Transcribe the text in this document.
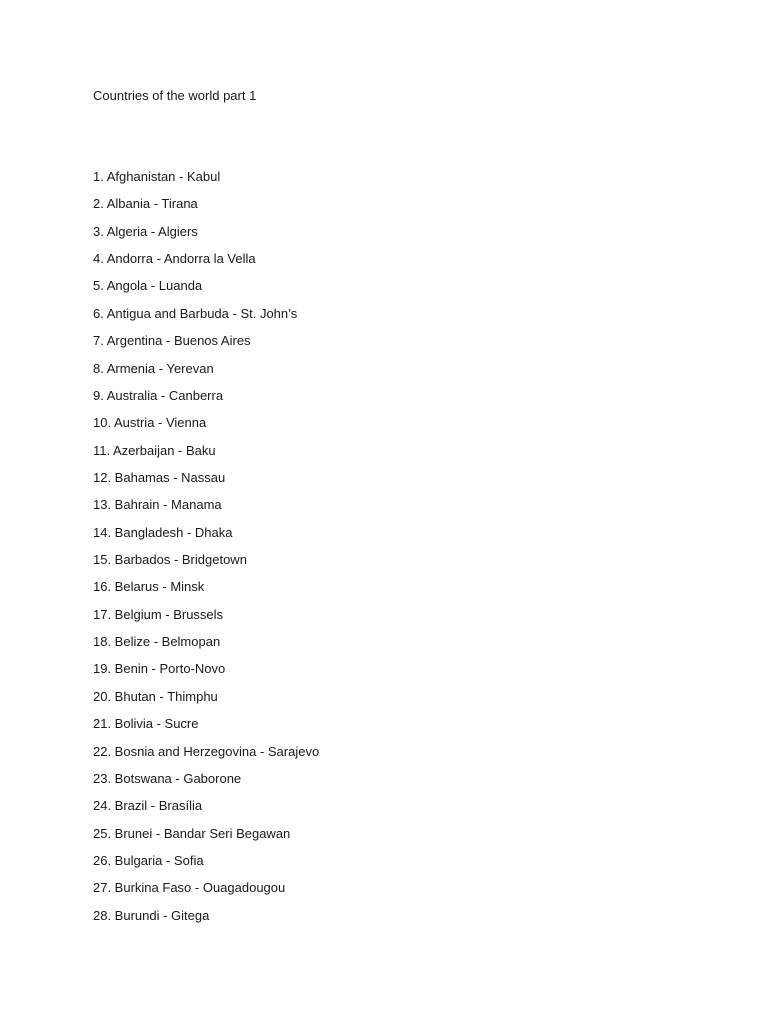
Countries of the world part 1
1. Afghanistan - Kabul
2. Albania - Tirana
3. Algeria - Algiers
4. Andorra - Andorra la Vella
5. Angola - Luanda
6. Antigua and Barbuda - St. John’s
7. Argentina - Buenos Aires
8. Armenia - Yerevan
9. Australia - Canberra
10. Austria - Vienna
11. Azerbaijan - Baku
12. Bahamas - Nassau
13. Bahrain - Manama
14. Bangladesh - Dhaka
15. Barbados - Bridgetown
16. Belarus - Minsk
17. Belgium - Brussels
18. Belize - Belmopan
19. Benin - Porto-Novo
20. Bhutan - Thimphu
21. Bolivia - Sucre
22. Bosnia and Herzegovina - Sarajevo
23. Botswana - Gaborone
24. Brazil - Brasília
25. Brunei - Bandar Seri Begawan
26. Bulgaria - Sofia
27. Burkina Faso - Ouagadougou
28. Burundi - Gitega
